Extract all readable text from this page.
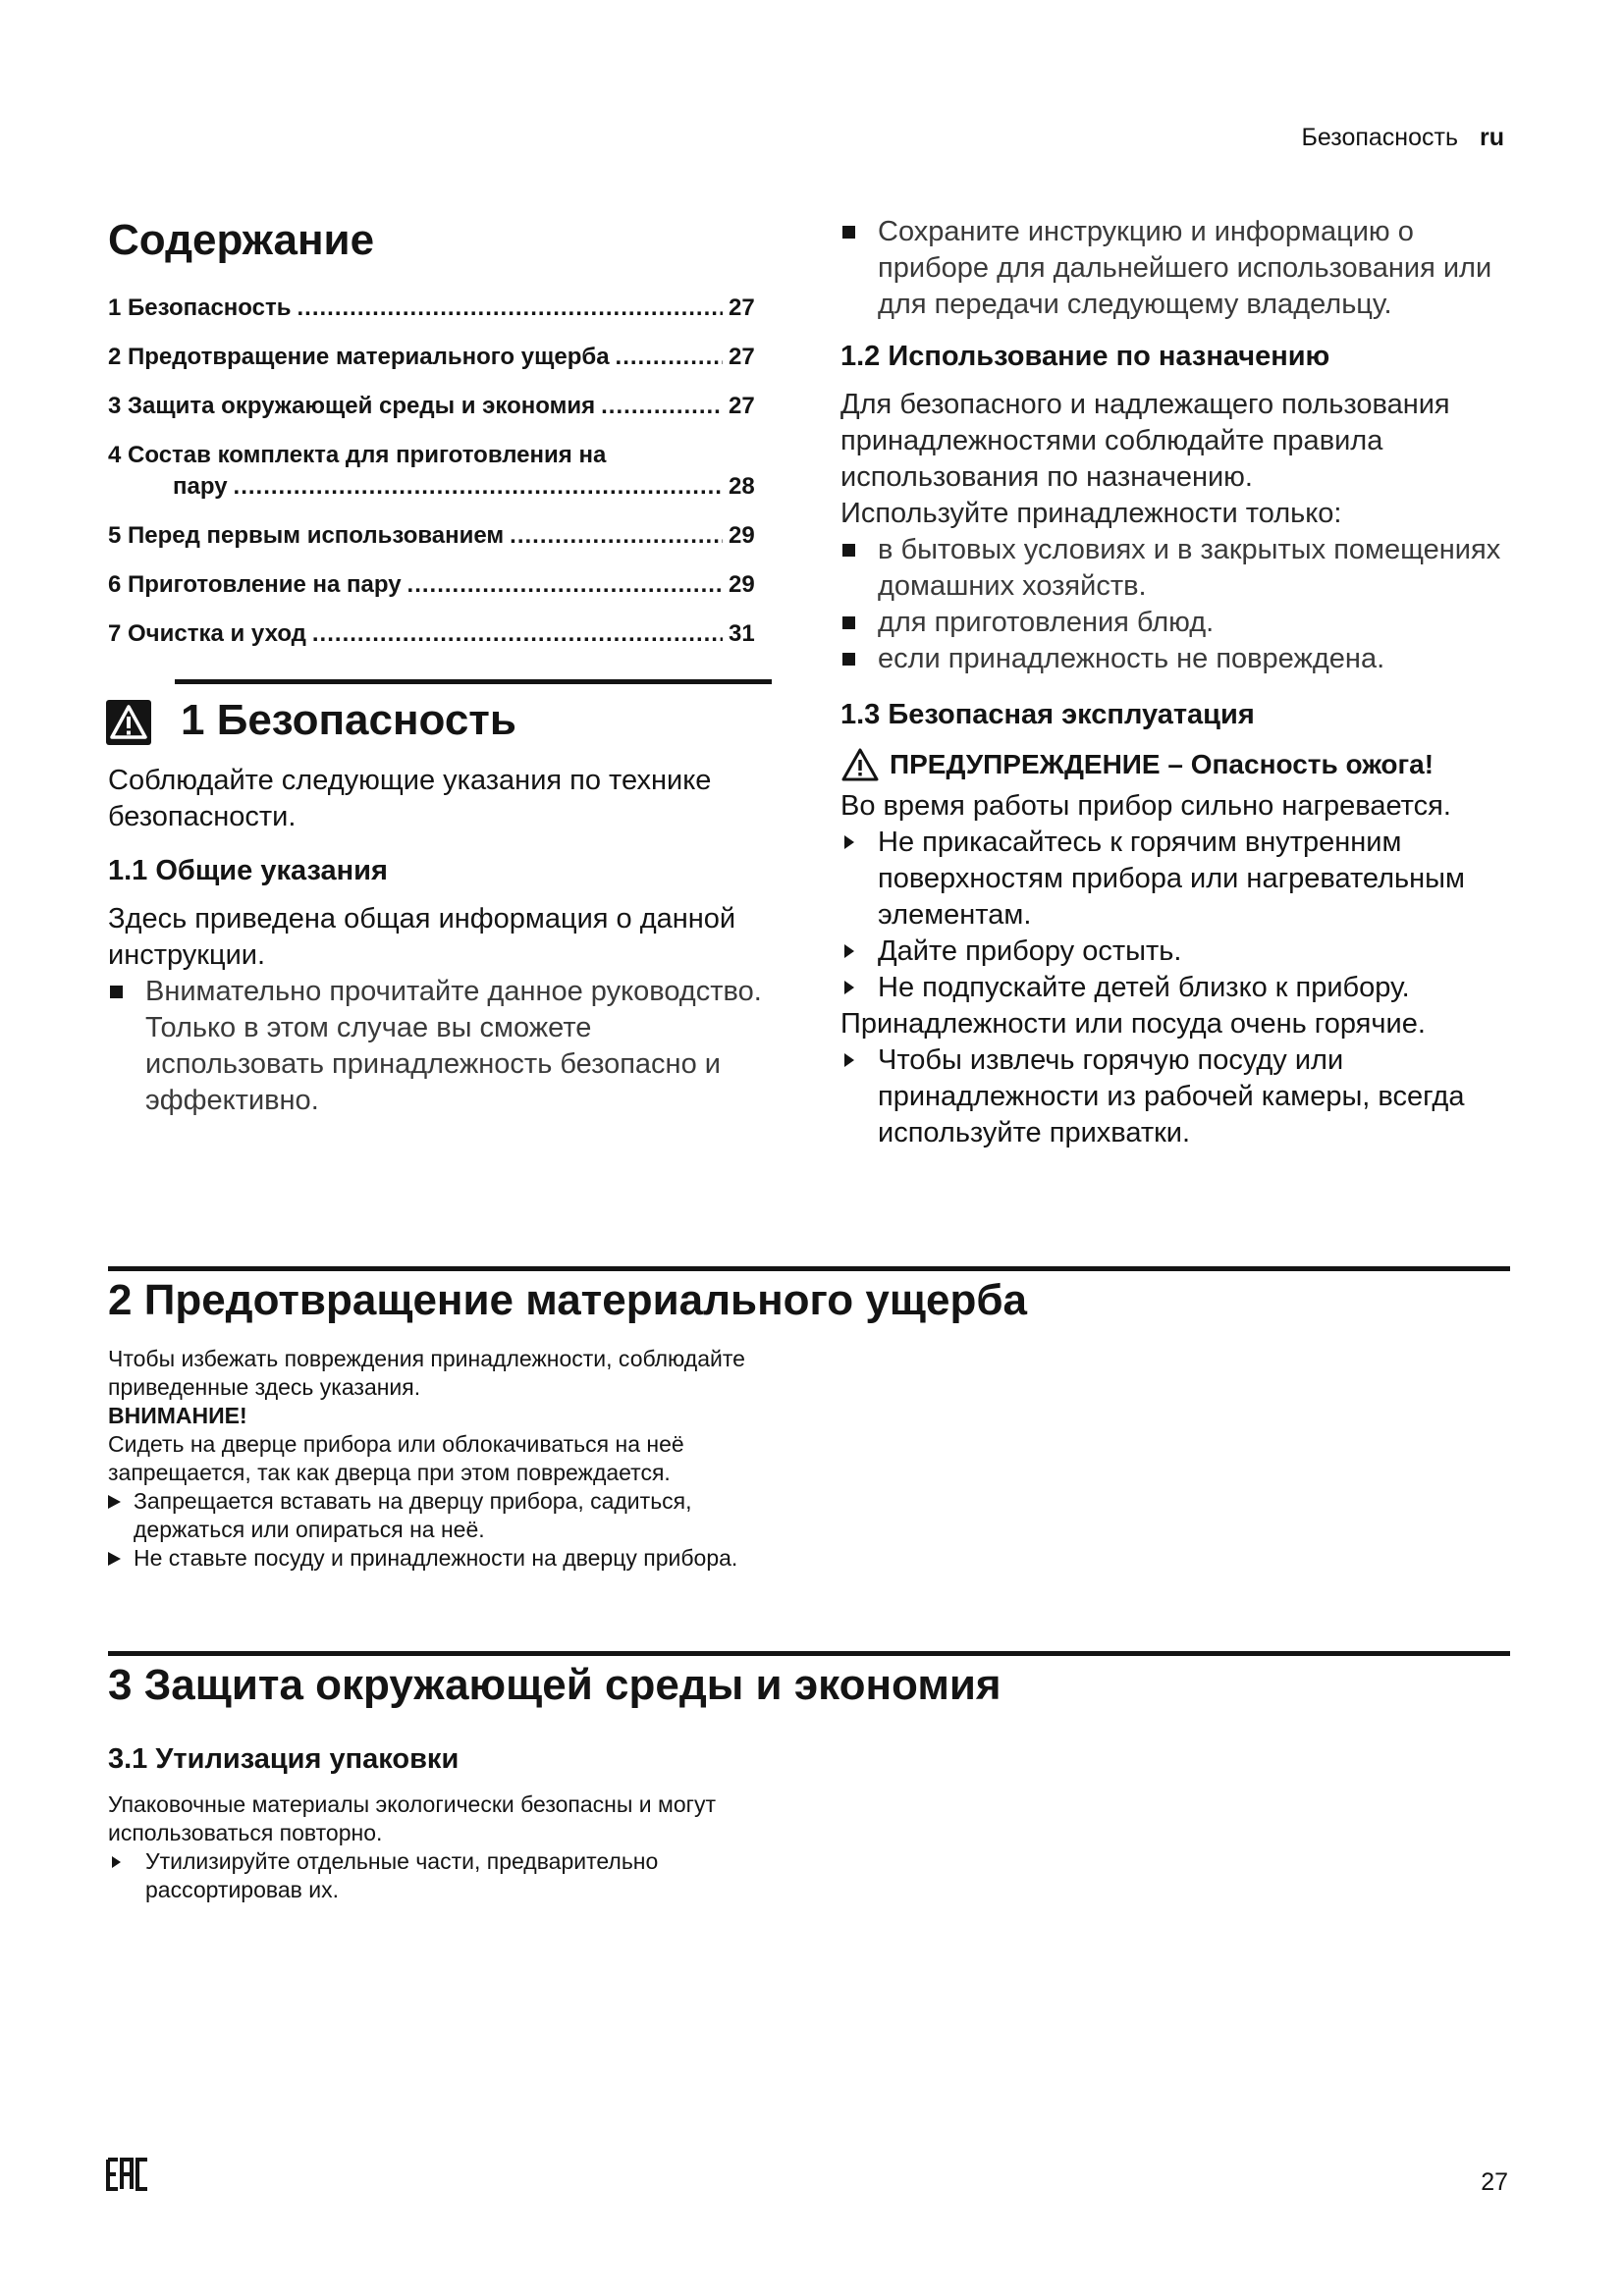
Безопасность ru
Содержание
1 Безопасность .....	27
2 Предотвращение материального ущерба .....	27
3 Защита окружающей среды и экономия .....	27
4 Состав комплекта для приготовления на
пару .....	28
5 Перед первым использованием .....	29
6 Приготовление на пару .....	29
7 Очистка и уход .....	31
1 Безопасность

Соблюдайте следующие указания по технике безопасности.

1.1 Общие указания

Здесь приведена общая информация о данной инструкции.

Внимательно прочитайте данное руководство. Только в этом случае вы сможете использовать принадлежность безопасно и эффективно.
Сохраните инструкцию и информацию о приборе для дальнейшего использования или для передачи следующему владельцу.

1.2 Использование по назначению

Для безопасного и надлежащего пользования принадлежностями соблюдайте правила использования по назначению.

Используйте принадлежности только:

в бытовых условиях и в закрытых помещениях домашних хозяйств.
для приготовления блюд.
если принадлежность не повреждена.

1.3 Безопасная эксплуатация

ПРЕДУПРЕЖДЕНИЕ – Опасность ожога!

Во время работы прибор сильно нагревается.

Не прикасайтесь к горячим внутренним поверхностям прибора или нагревательным элементам.
Дайте прибору остыть.
Не подпускайте детей близко к прибору.

Принадлежности или посуда очень горячие.

Чтобы извлечь горячую посуду или принадлежности из рабочей камеры, всегда используйте прихватки.
2 Предотвращение материального ущерба
Чтобы избежать повреждения принадлежности, соблюдайте приведенные здесь указания.
ВНИМАНИЕ!
Сидеть на дверце прибора или облокачиваться на неё запрещается, так как дверца при этом повреждается.
Запрещается вставать на дверцу прибора, садиться, держаться или опираться на неё.
Не ставьте посуду и принадлежности на дверцу прибора.
3 Защита окружающей среды и экономия
3.1 Утилизация упаковки
Упаковочные материалы экологически безопасны и могут использоваться повторно.
Утилизируйте отдельные части, предварительно рассортировав их.
27
